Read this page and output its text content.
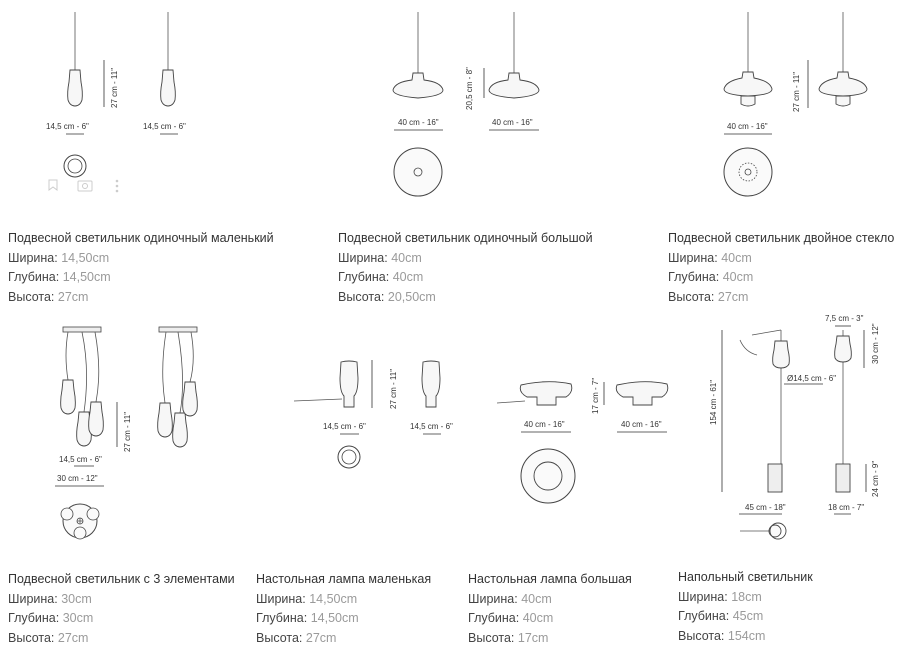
27 cm - 11"
14,5 cm - 6"	14,5 cm - 6"
20,5 cm - 8"
40 cm - 16"	40 cm - 16"
27 cm - 11"
40 cm - 16"
27 cm - 11"
14,5 cm - 6"
30 cm - 12"
27 cm - 11"
14,5 cm - 6"	14,5 cm - 6"
17 cm - 7"
40 cm - 16"	40 cm - 16"	154 cm - 61"
7,5 cm - 3"
30 cm - 12"
Ø14,5 cm - 6"
24 cm - 9"
45 cm - 18"	18 cm - 7"
Подвесной светильник одиночный маленький
Ширина: 14,50cm
Глубина: 14,50cm
Высота: 27cm
Подвесной светильник одиночный большой
Ширина: 40cm
Глубина: 40cm
Высота: 20,50cm
Подвесной светильник двойное стекло
Ширина: 40cm
Глубина: 40cm
Высота: 27cm
Подвесной светильник с 3 элементами
Ширина: 30cm
Глубина: 30cm
Высота: 27cm
Настольная лампа маленькая
Ширина: 14,50cm
Глубина: 14,50cm
Высота: 27cm
Настольная лампа большая
Ширина: 40cm
Глубина: 40cm
Высота: 17cm
Напольный светильник
Ширина: 18cm
Глубина: 45cm
Высота: 154cm
